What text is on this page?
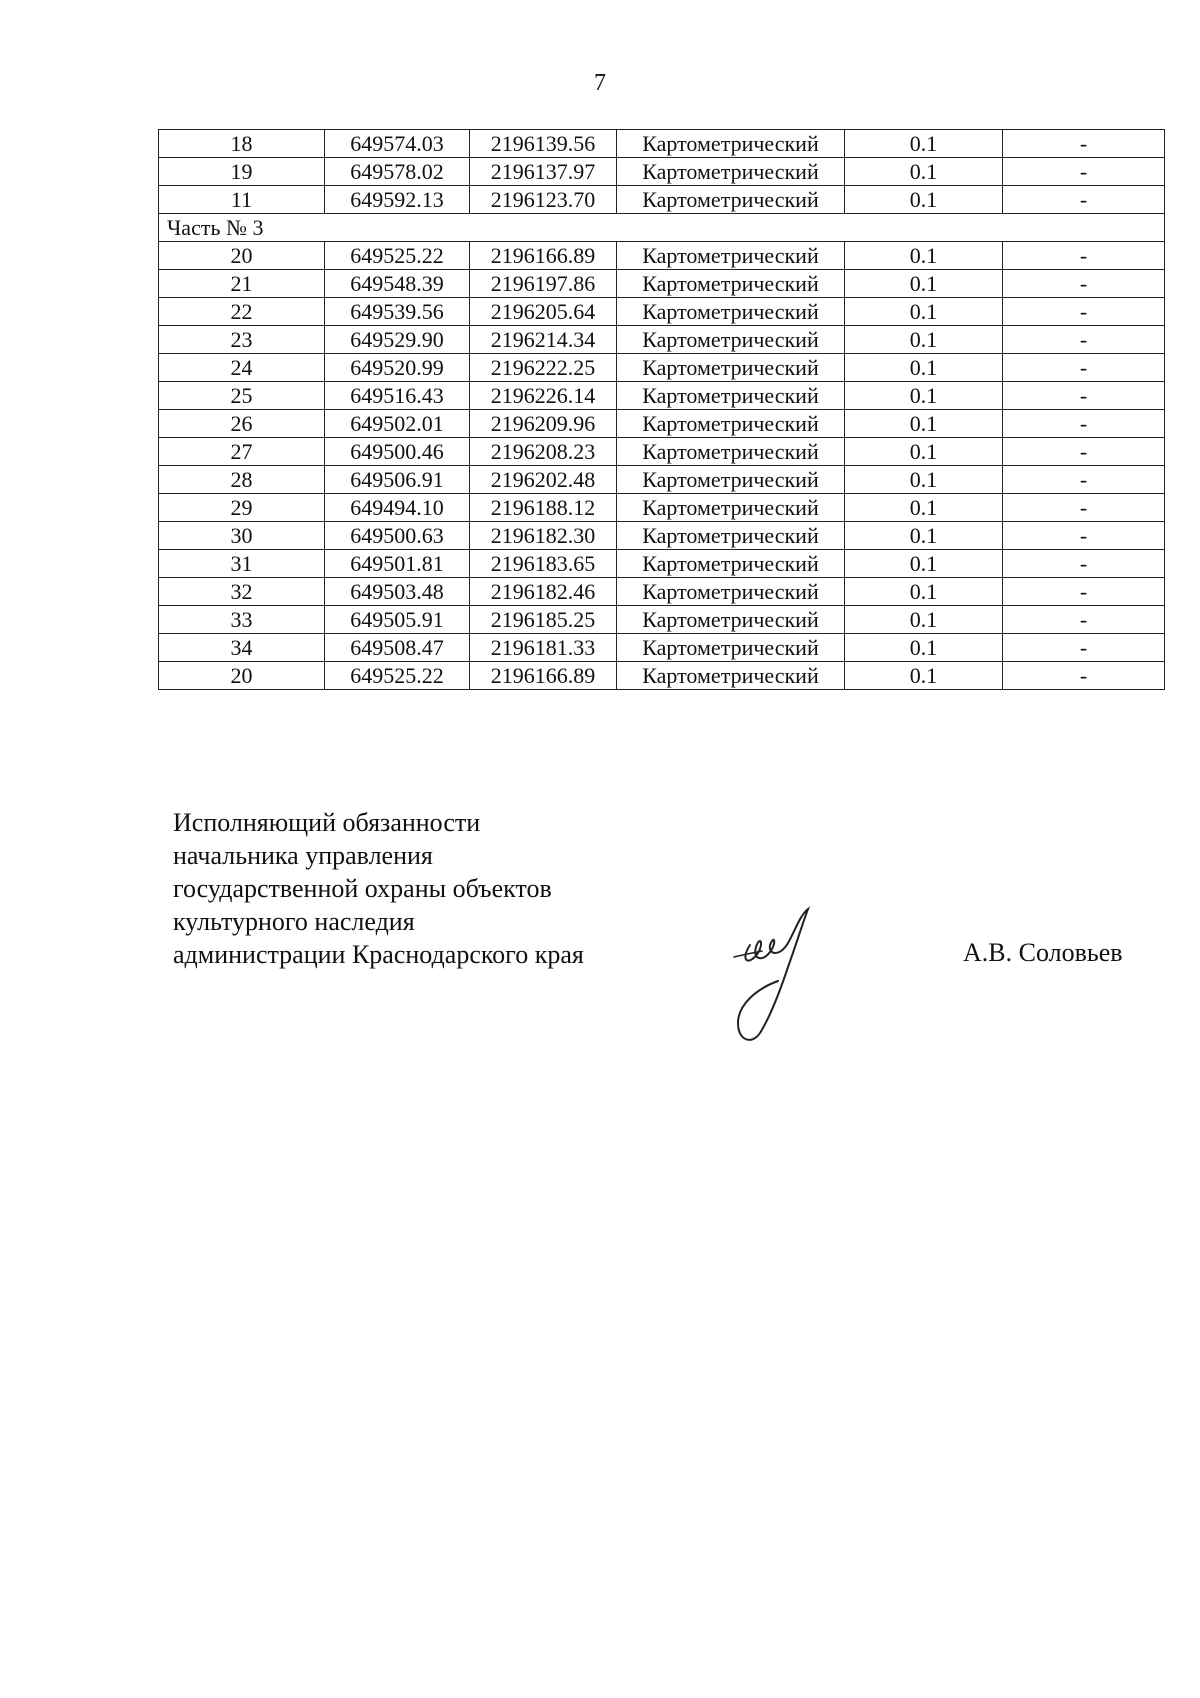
7
18	649574.03	2196139.56	Картометрический	0.1	-
19	649578.02	2196137.97	Картометрический	0.1	-
11	649592.13	2196123.70	Картометрический	0.1	-
Часть № 3					
20	649525.22	2196166.89	Картометрический	0.1	-
21	649548.39	2196197.86	Картометрический	0.1	-
22	649539.56	2196205.64	Картометрический	0.1	-
23	649529.90	2196214.34	Картометрический	0.1	-
24	649520.99	2196222.25	Картометрический	0.1	-
25	649516.43	2196226.14	Картометрический	0.1	-
26	649502.01	2196209.96	Картометрический	0.1	-
27	649500.46	2196208.23	Картометрический	0.1	-
28	649506.91	2196202.48	Картометрический	0.1	-
29	649494.10	2196188.12	Картометрический	0.1	-
30	649500.63	2196182.30	Картометрический	0.1	-
31	649501.81	2196183.65	Картометрический	0.1	-
32	649503.48	2196182.46	Картометрический	0.1	-
33	649505.91	2196185.25	Картометрический	0.1	-
34	649508.47	2196181.33	Картометрический	0.1	-
20	649525.22	2196166.89	Картометрический	0.1	-
Исполняющий обязанности
начальника управления
государственной охраны объектов
культурного наследия
администрации Краснодарского края	А.В. Соловьев
